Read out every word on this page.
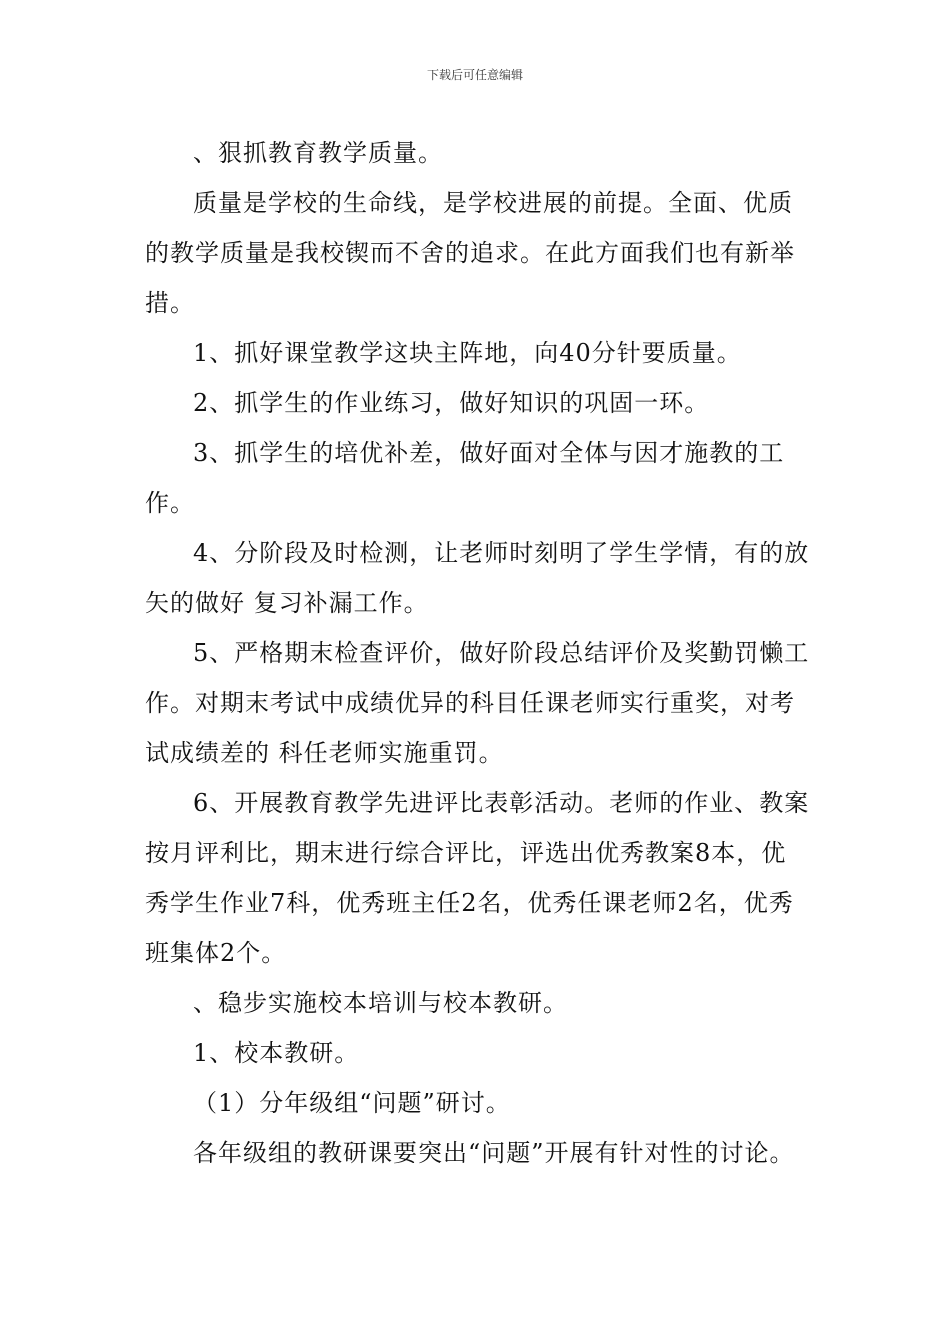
下载后可任意编辑

、狠抓教育教学质量。

质量是学校的生命线，是学校进展的前提。全面、优质的教学质量是我校锲而不舍的追求。在此方面我们也有新举措。

1、抓好课堂教学这块主阵地，向40分针要质量。

2、抓学生的作业练习，做好知识的巩固一环。

3、抓学生的培优补差，做好面对全体与因才施教的工作。

4、分阶段及时检测，让老师时刻明了学生学情，有的放矢的做好 复习补漏工作。

5、严格期末检查评价，做好阶段总结评价及奖勤罚懒工作。对期末考试中成绩优异的科目任课老师实行重奖，对考试成绩差的 科任老师实施重罚。

6、开展教育教学先进评比表彰活动。老师的作业、教案按月评利比，期末进行综合评比，评选出优秀教案8本，优秀学生作业7科，优秀班主任2名，优秀任课老师2名，优秀班集体2个。

、稳步实施校本培训与校本教研。

1、校本教研。

（1）分年级组“问题”研讨。

各年级组的教研课要突出“问题”开展有针对性的讨论。
